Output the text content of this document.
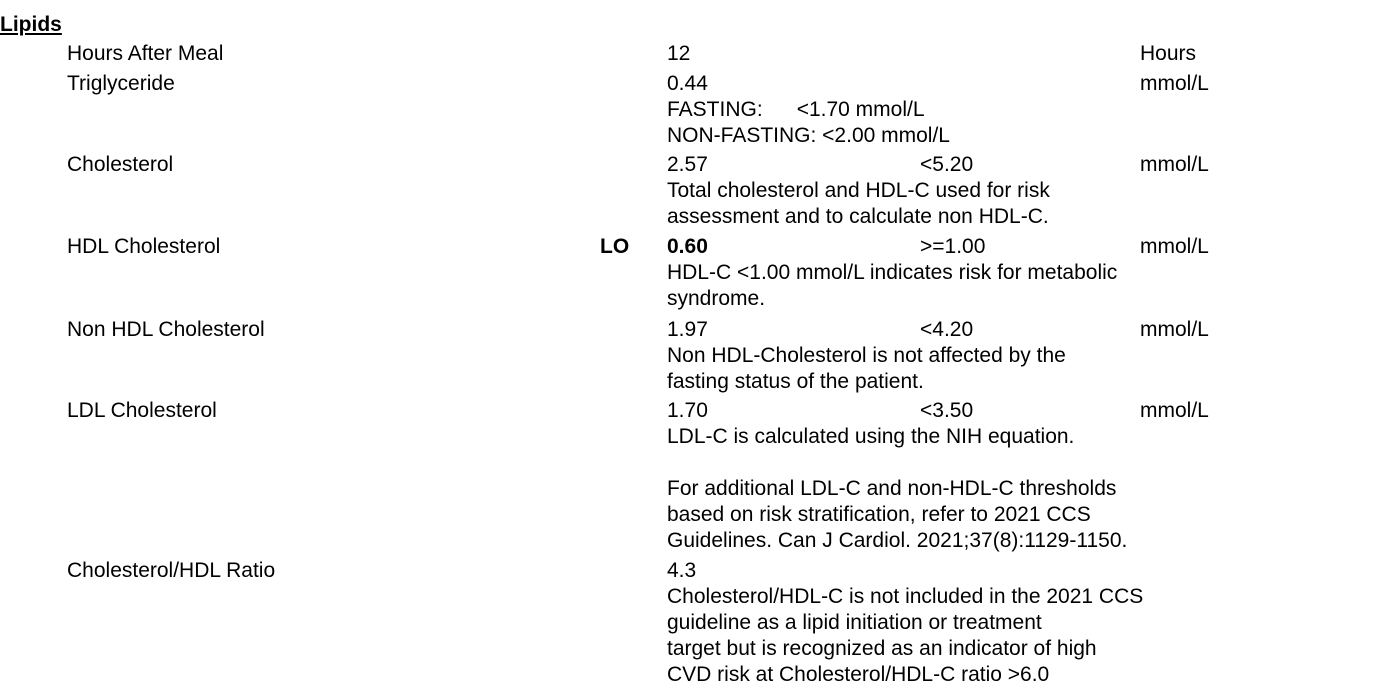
Lipids
Hours After Meal	12	Hours
Triglyceride	0.44	mmol/L
FASTING: <1.70 mmol/L
NON-FASTING: <2.00 mmol/L
Cholesterol	2.57	<5.20	mmol/L
Total cholesterol and HDL-C used for risk
assessment and to calculate non HDL-C.
HDL Cholesterol	LO 0.60	>=1.00	mmol/L
HDL-C <1.00 mmol/L indicates risk for metabolic
syndrome.
Non HDL Cholesterol	1.97	<4.20	mmol/L
Non HDL-Cholesterol is not affected by the
fasting status of the patient.
LDL Cholesterol	1.70	<3.50	mmol/L
LDL-C is calculated using the NIH equation.
For additional LDL-C and non-HDL-C thresholds
based on risk stratification, refer to 2021 CCS
Guidelines. Can J Cardiol. 2021;37(8):1129-1150.
Cholesterol/HDL Ratio	4.3
Cholesterol/HDL-C is not included in the 2021 CCS
guideline as a lipid initiation or treatment
target but is recognized as an indicator of high
CVD risk at Cholesterol/HDL-C ratio >6.0
